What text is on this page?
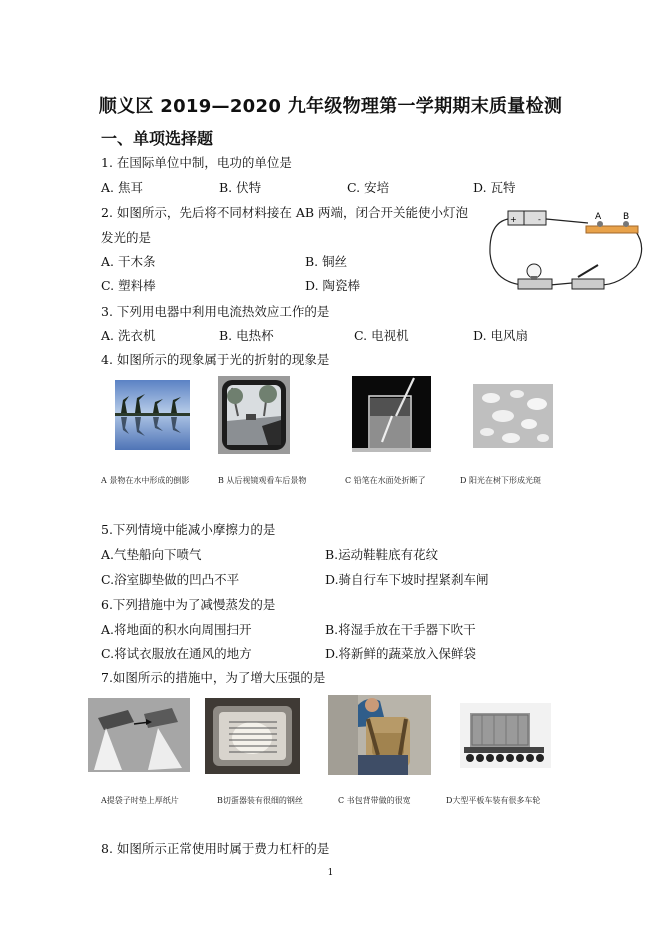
顺义区 2019—2020 九年级物理第一学期期末质量检测
一、单项选择题
1. 在国际单位中制，电功的单位是
A. 焦耳	B. 伏特	C. 安培	D. 瓦特
2. 如图所示，先后将不同材料接在 AB 两端，闭合开关能使小灯泡
发光的是
A. 干木条	B. 铜丝
C. 塑料棒	D. 陶瓷棒
+	-	A B
3. 下列用电器中利用电流热效应工作的是
A. 洗衣机	B. 电热杯	C. 电视机	D. 电风扇
4. 如图所示的现象属于光的折射的现象是
A 景物在水中形成的倒影	B 从后视镜观看车后景物	C 铅笔在水面处折断了	D 阳光在树下形成光斑
5.下列情境中能减小摩擦力的是
A.气垫船向下喷气	B.运动鞋鞋底有花纹
C.浴室脚垫做的凹凸不平	D.骑自行车下坡时捏紧刹车闸
6.下列措施中为了减慢蒸发的是
A.将地面的积水向周围扫开	B.将湿手放在干手器下吹干
C.将试衣服放在通风的地方	D.将新鲜的蔬菜放入保鲜袋
7.如图所示的措施中，为了增大压强的是
A提袋子时垫上厚纸片	B切蛋器装有很细的钢丝	C 书包背带做的很宽	D大型平板车装有很多车轮
8. 如图所示正常使用时属于费力杠杆的是
1
